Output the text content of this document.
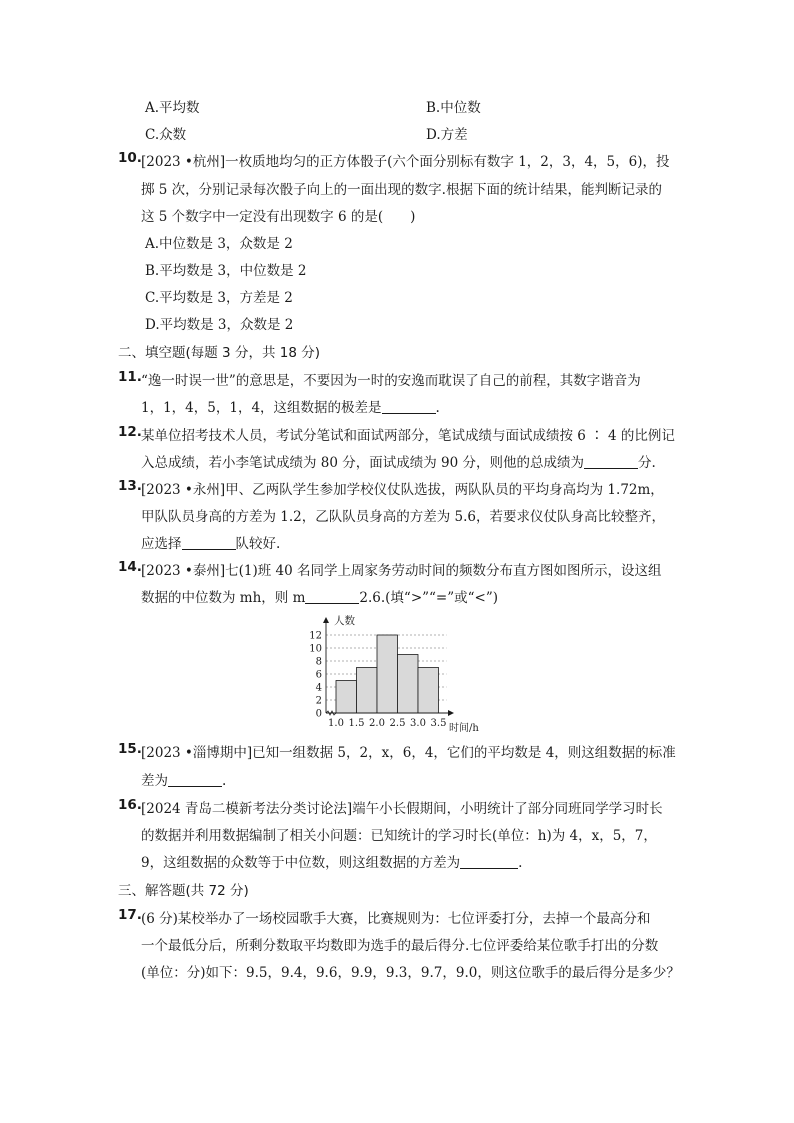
A.平均数	B.中位数
C.众数	D.方差
10. [2023 •杭州]一枚质地均匀的正方体骰子(六个面分别标有数字 1，2，3，4，5，6)，投
掷 5 次，分别记录每次骰子向上的一面出现的数字.根据下面的统计结果，能判断记录的
这 5 个数字中一定没有出现数字 6 的是(　　)
A.中位数是 3，众数是 2
B.平均数是 3，中位数是 2
C.平均数是 3，方差是 2
D.平均数是 3，众数是 2
二、填空题(每题 3 分，共 18 分)
11. “逸一时误一世”的意思是，不要因为一时的安逸而耽误了自己的前程，其数字谐音为
1，1，4，5，1，4，这组数据的极差是	.
12. 某单位招考技术人员，考试分笔试和面试两部分，笔试成绩与面试成绩按 6 ∶ 4 的比例记
入总成绩，若小李笔试成绩为 80 分，面试成绩为 90 分，则他的总成绩为	分.
13. [2023 •永州]甲、乙两队学生参加学校仪仗队选拔，两队队员的平均身高均为 1.72m，
甲队队员身高的方差为 1.2，乙队队员身高的方差为 5.6，若要求仪仗队身高比较整齐，
应选择	队较好.
14. [2023 •泰州]七(1)班 40 名同学上周家务劳动时间的频数分布直方图如图所示，设这组
数据的中位数为 mh，则 m	2.6.(填“>”“=”或“<”)
0
2
4
6
8
10
12
1.0 1.5 2.0 2.5 3.0 3.5
人数
时间/h
15. [2023 •淄博期中]已知一组数据 5，2，x，6，4，它们的平均数是 4，则这组数据的标准
差为	.
16. [2024 青岛二模新考法分类讨论法]端午小长假期间，小明统计了部分同班同学学习时长
的数据并利用数据编制了相关小问题：已知统计的学习时长(单位：h)为 4，x，5，7，
9，这组数据的众数等于中位数，则这组数据的方差为	.
三、解答题(共 72 分)
17. (6 分)某校举办了一场校园歌手大赛，比赛规则为：七位评委打分，去掉一个最高分和
一个最低分后，所剩分数取平均数即为选手的最后得分.七位评委给某位歌手打出的分数
(单位：分)如下：9.5，9.4，9.6，9.9，9.3，9.7，9.0，则这位歌手的最后得分是多少？
